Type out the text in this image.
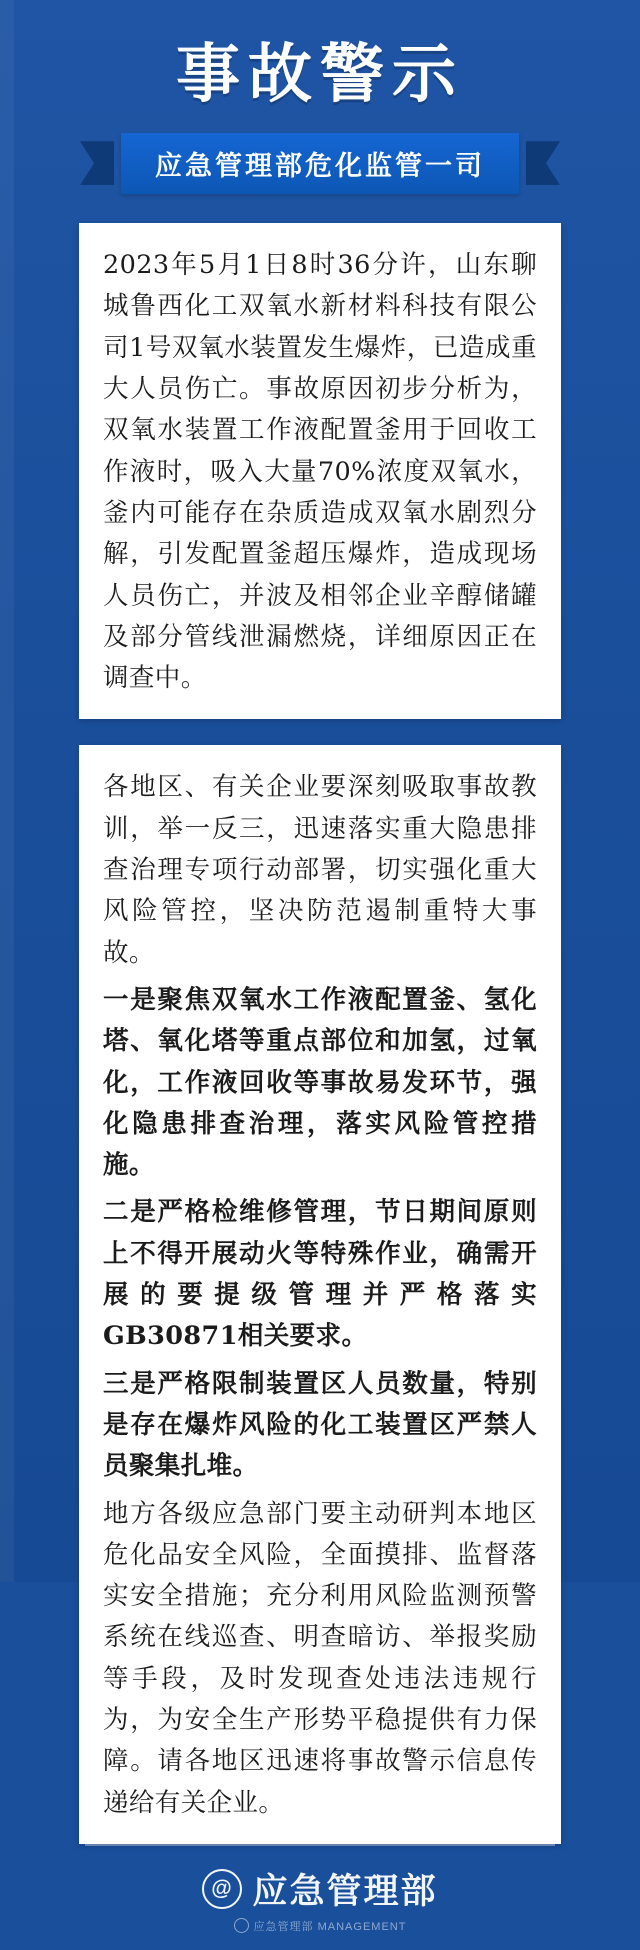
事故警示
应急管理部危化监管一司

2023年5月1日8时36分许，山东聊城鲁西化工双氧水新材料科技有限公司1号双氧水装置发生爆炸，已造成重大人员伤亡。事故原因初步分析为，双氧水装置工作液配置釜用于回收工作液时，吸入大量70%浓度双氧水，釜内可能存在杂质造成双氧水剧烈分解，引发配置釜超压爆炸，造成现场人员伤亡，并波及相邻企业辛醇储罐及部分管线泄漏燃烧，详细原因正在调查中。

各地区、有关企业要深刻吸取事故教训，举一反三，迅速落实重大隐患排查治理专项行动部署，切实强化重大风险管控，坚决防范遏制重特大事故。

一是聚焦双氧水工作液配置釜、氢化塔、氧化塔等重点部位和加氢，过氧化，工作液回收等事故易发环节，强化隐患排查治理，落实风险管控措施。

二是严格检维修管理，节日期间原则上不得开展动火等特殊作业，确需开展的要提级管理并严格落实GB30871相关要求。

三是严格限制装置区人员数量，特别是存在爆炸风险的化工装置区严禁人员聚集扎堆。

地方各级应急部门要主动研判本地区危化品安全风险，全面摸排、监督落实安全措施；充分利用风险监测预警系统在线巡查、明查暗访、举报奖励等手段，及时发现查处违法违规行为，为安全生产形势平稳提供有力保障。请各地区迅速将事故警示信息传递给有关企业。

@ 应急管理部
应急管理部 MANAGEMENT
